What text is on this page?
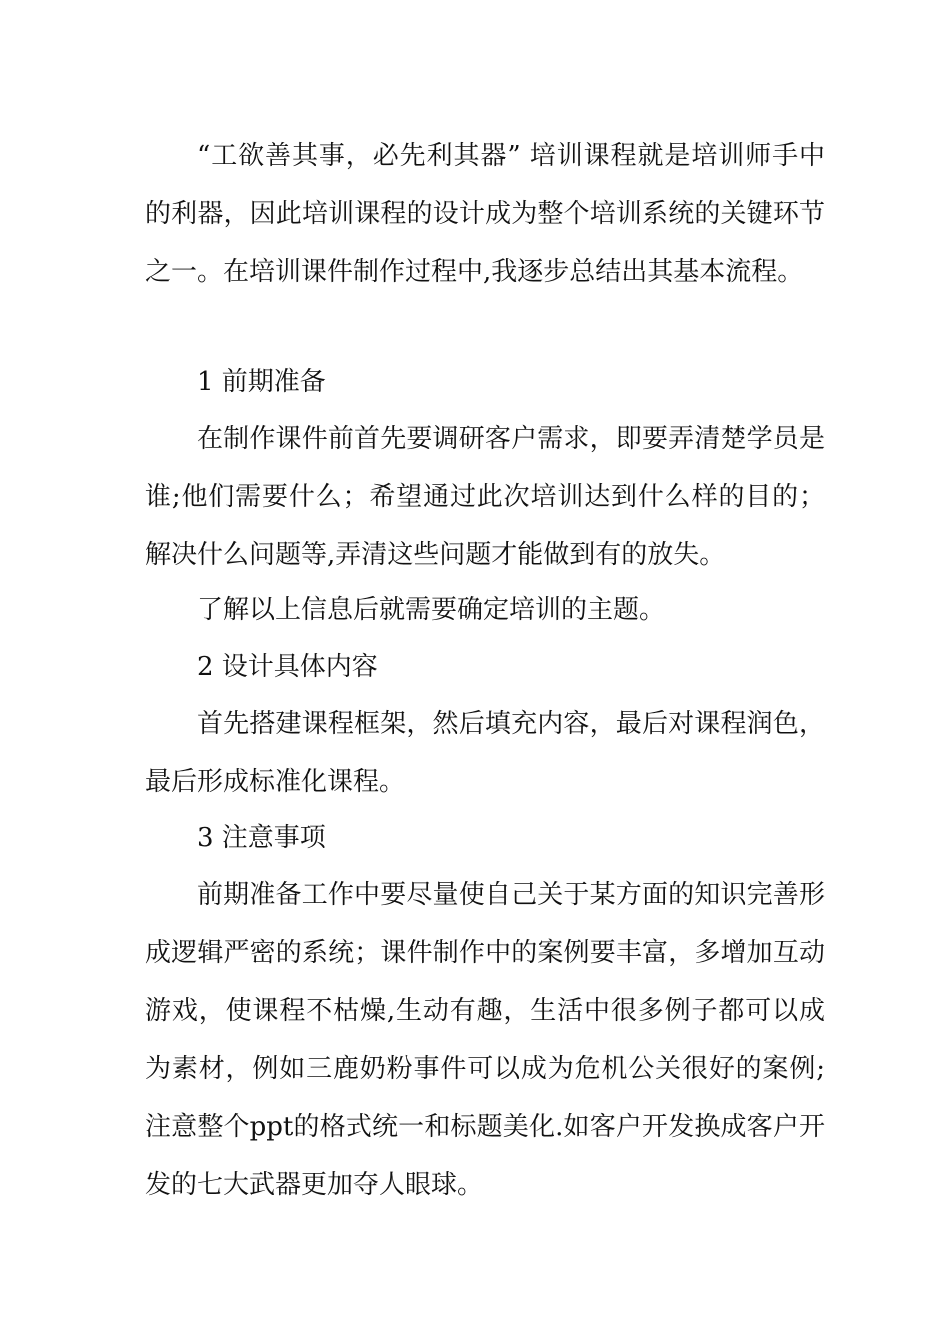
“工欲善其事，必先利其器” 培训课程就是培训师手中的利器，因此培训课程的设计成为整个培训系统的关键环节之一。在培训课件制作过程中,我逐步总结出其基本流程。

1 前期准备

在制作课件前首先要调研客户需求，即要弄清楚学员是谁;他们需要什么；希望通过此次培训达到什么样的目的；解决什么问题等,弄清这些问题才能做到有的放失。

了解以上信息后就需要确定培训的主题。

2 设计具体内容

首先搭建课程框架，然后填充内容，最后对课程润色，最后形成标准化课程。

3 注意事项

前期准备工作中要尽量使自己关于某方面的知识完善形成逻辑严密的系统；课件制作中的案例要丰富，多增加互动游戏，使课程不枯燥,生动有趣，生活中很多例子都可以成为素材，例如三鹿奶粉事件可以成为危机公关很好的案例;注意整个ppt的格式统一和标题美化.如客户开发换成客户开发的七大武器更加夺人眼球。
